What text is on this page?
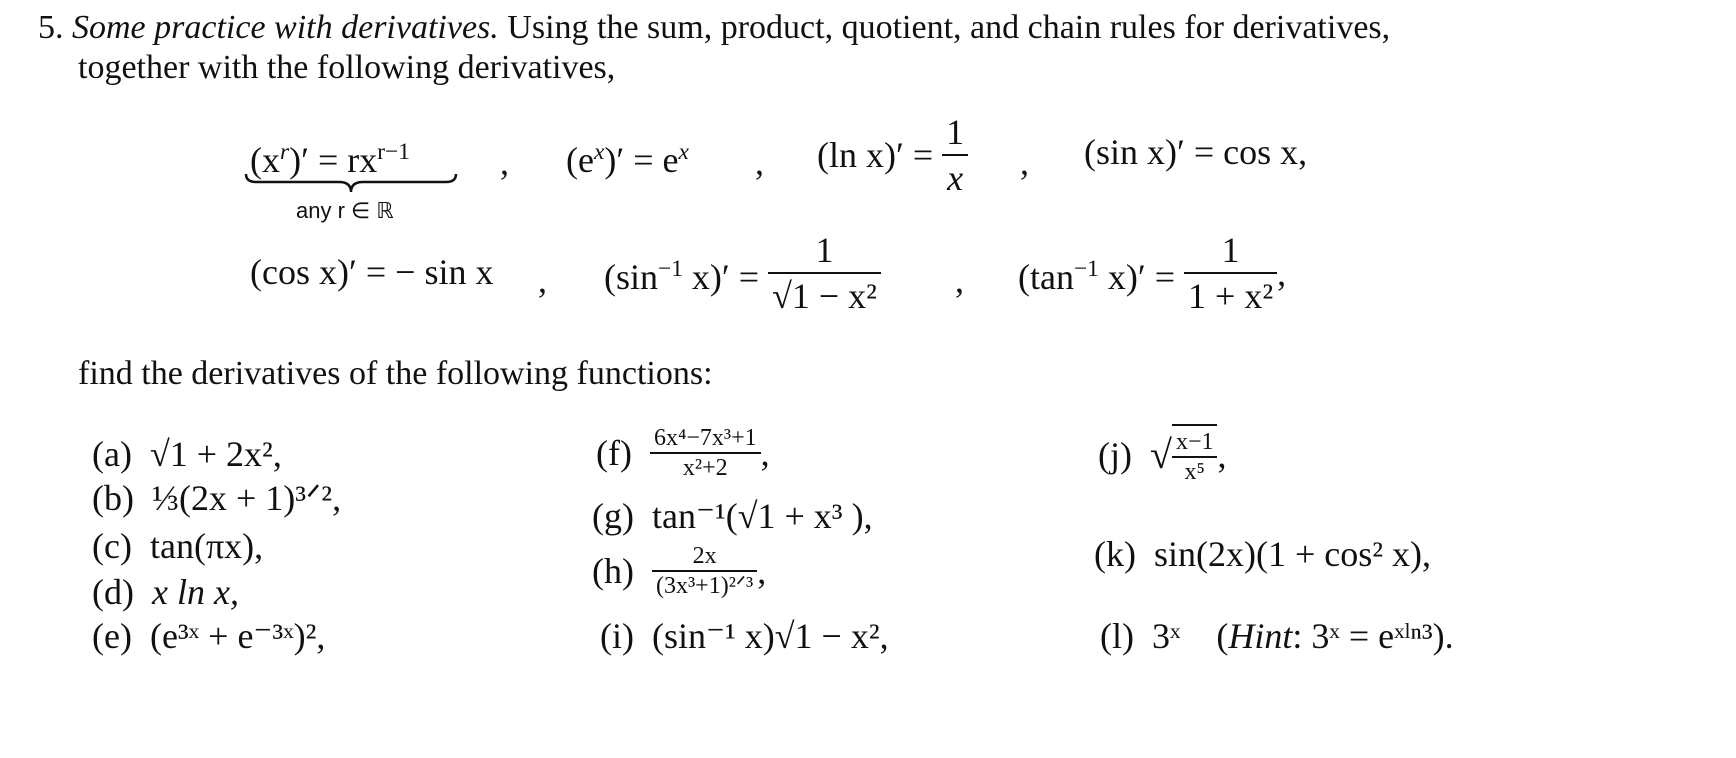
5. Some practice with derivatives. Using the sum, product, quotient, and chain rules for derivatives,
together with the following derivatives,
$(x^r)' = rx^{r-1}$
any r ∈ ℝ
, $(e^x)' = e^x$ , (ln $x)' = \frac{1}{x}$ , (sin x)′ = cos x,
(cos x)′ = − sin x , ($\sin^{-1}$ $x)' = \frac{1}{\text{√1 − x²}}$ , ($\tan^{-1}$ $x)' = \frac{1}{\text{1 + x²}}$ ,
find the derivatives of the following functions:
(a) √1 + 2x²,
(b) ⅓(2x + 1)³ᐟ²,
(c) tan(πx),
(d) x ln x,
(e) (e³ˣ + e⁻³ˣ)²,
$(f) \frac{\text{6x⁴−7x³+1}}{\text{x²+2}}$ ,
(g) tan⁻¹(√1 + x³ ),
$(h) \frac{2x}{\text{(3x³+1)²ᐟ³}}$ ,
(i) (sin⁻¹ x)√1 − x²,
(j) √ $\frac{x-1}{\text{x⁵}}$ ,
(k) sin(2x)(1 + cos² x),
(l) 3ˣ (Hint: 3ˣ = eˣˡⁿ³).
